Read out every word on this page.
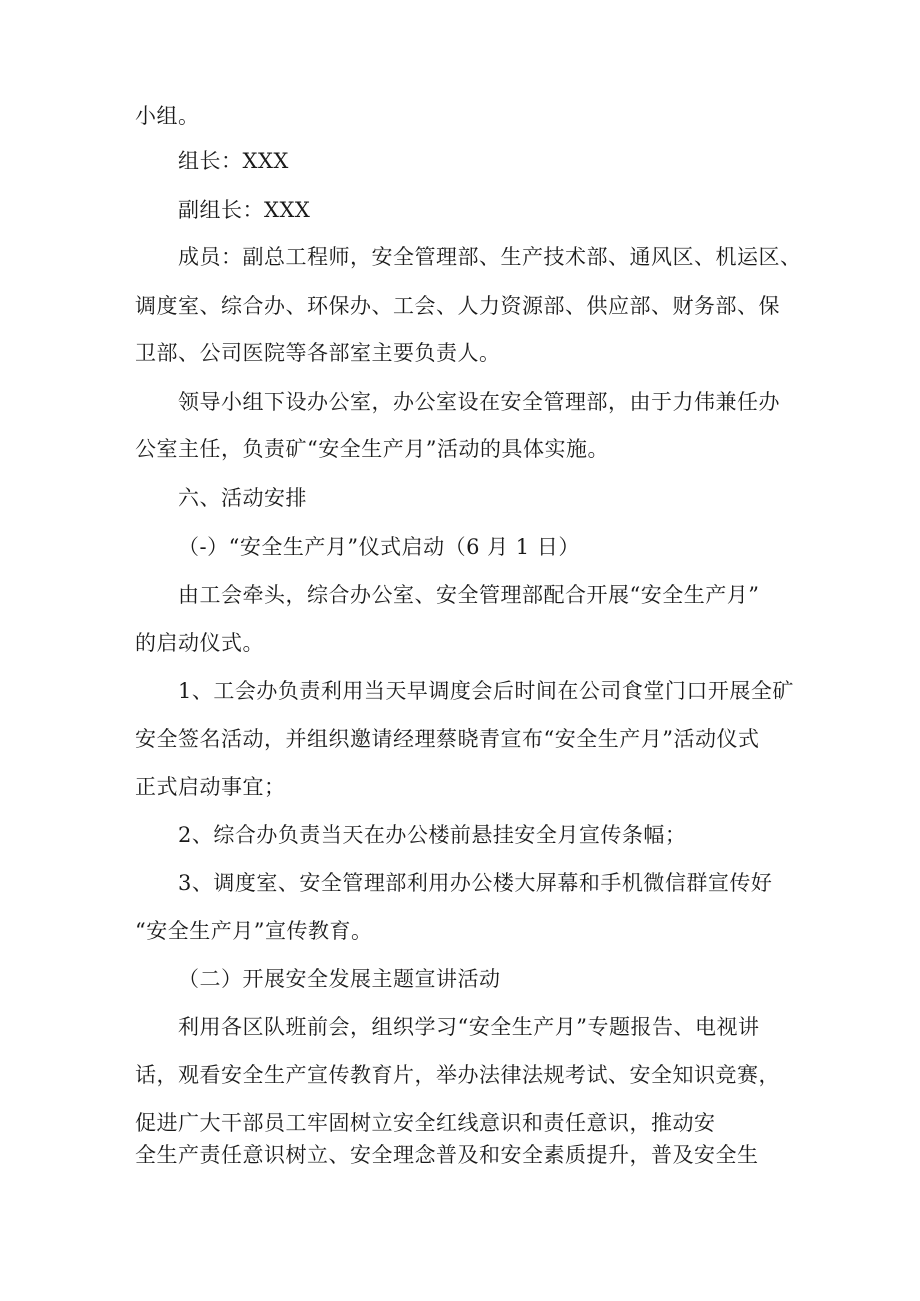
小组。
组长：XXX
副组长：XXX
成员：副总工程师，安全管理部、生产技术部、通风区、机运区、
调度室、综合办、环保办、工会、人力资源部、供应部、财务部、保
卫部、公司医院等各部室主要负责人。
领导小组下设办公室，办公室设在安全管理部，由于力伟兼任办
公室主任，负责矿“安全生产月”活动的具体实施。
六、活动安排
（-）“安全生产月”仪式启动（6 月 1 日）
由工会牵头，综合办公室、安全管理部配合开展“安全生产月”
的启动仪式。
1、工会办负责利用当天早调度会后时间在公司食堂门口开展全矿
安全签名活动，并组织邀请经理蔡晓青宣布“安全生产月”活动仪式
正式启动事宜；
2、综合办负责当天在办公楼前悬挂安全月宣传条幅；
3、调度室、安全管理部利用办公楼大屏幕和手机微信群宣传好
“安全生产月”宣传教育。
（二）开展安全发展主题宣讲活动
利用各区队班前会，组织学习“安全生产月”专题报告、电视讲
话，观看安全生产宣传教育片，举办法律法规考试、安全知识竞赛，
促进广大干部员工牢固树立安全红线意识和责任意识，推动安
全生产责任意识树立、安全理念普及和安全素质提升，普及安全生
